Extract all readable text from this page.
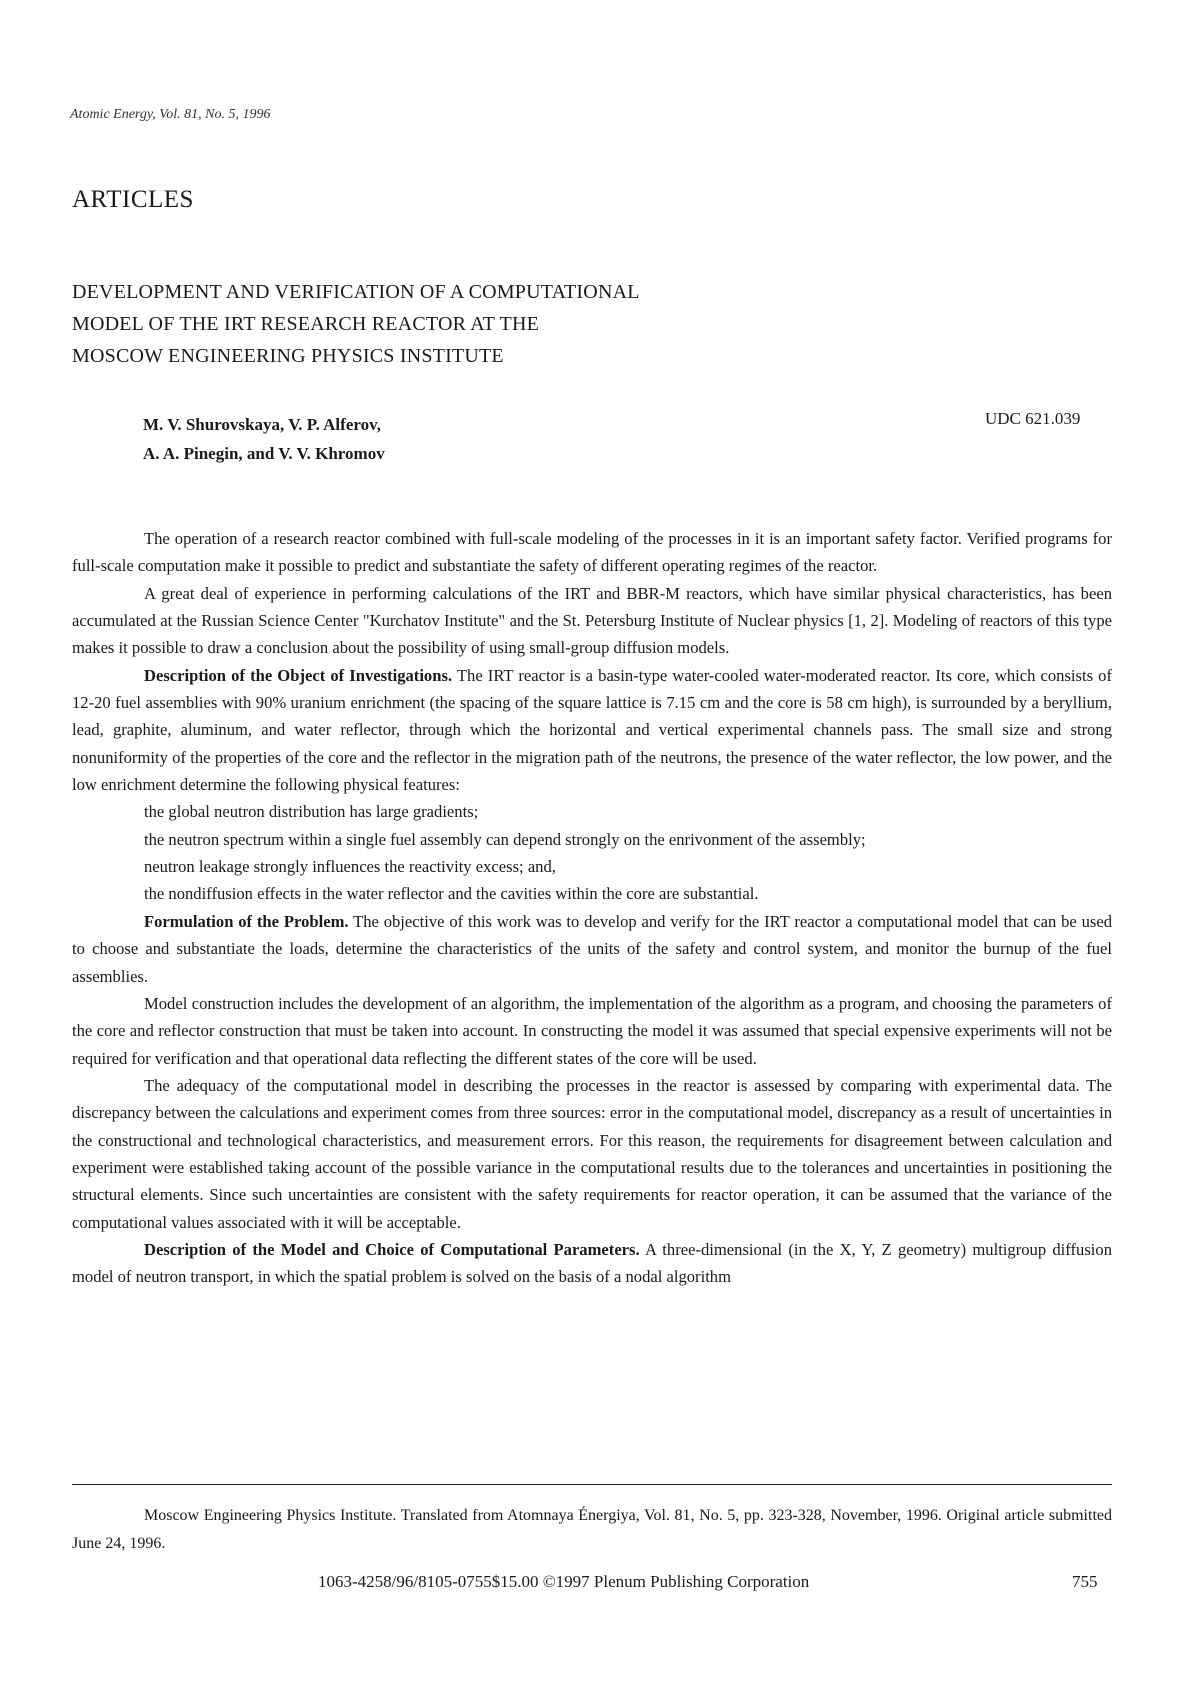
Atomic Energy, Vol. 81, No. 5, 1996
ARTICLES
DEVELOPMENT AND VERIFICATION OF A COMPUTATIONAL
MODEL OF THE IRT RESEARCH REACTOR AT THE
MOSCOW ENGINEERING PHYSICS INSTITUTE
M. V. Shurovskaya, V. P. Alferov,
A. A. Pinegin, and V. V. Khromov
UDC 621.039

The operation of a research reactor combined with full-scale modeling of the processes in it is an important safety factor. Verified programs for full-scale computation make it possible to predict and substantiate the safety of different operating regimes of the reactor.

A great deal of experience in performing calculations of the IRT and BBR-M reactors, which have similar physical characteristics, has been accumulated at the Russian Science Center "Kurchatov Institute" and the St. Petersburg Institute of Nuclear physics [1, 2]. Modeling of reactors of this type makes it possible to draw a conclusion about the possibility of using small-group diffusion models.

Description of the Object of Investigations. The IRT reactor is a basin-type water-cooled water-moderated reactor. Its core, which consists of 12-20 fuel assemblies with 90% uranium enrichment (the spacing of the square lattice is 7.15 cm and the core is 58 cm high), is surrounded by a beryllium, lead, graphite, aluminum, and water reflector, through which the horizontal and vertical experimental channels pass. The small size and strong nonuniformity of the properties of the core and the reflector in the migration path of the neutrons, the presence of the water reflector, the low power, and the low enrichment determine the following physical features:

the global neutron distribution has large gradients;

the neutron spectrum within a single fuel assembly can depend strongly on the enrivonment of the assembly;

neutron leakage strongly influences the reactivity excess; and,

the nondiffusion effects in the water reflector and the cavities within the core are substantial.

Formulation of the Problem. The objective of this work was to develop and verify for the IRT reactor a computational model that can be used to choose and substantiate the loads, determine the characteristics of the units of the safety and control system, and monitor the burnup of the fuel assemblies.

Model construction includes the development of an algorithm, the implementation of the algorithm as a program, and choosing the parameters of the core and reflector construction that must be taken into account. In constructing the model it was assumed that special expensive experiments will not be required for verification and that operational data reflecting the different states of the core will be used.

The adequacy of the computational model in describing the processes in the reactor is assessed by comparing with experimental data. The discrepancy between the calculations and experiment comes from three sources: error in the computational model, discrepancy as a result of uncertainties in the constructional and technological characteristics, and measurement errors. For this reason, the requirements for disagreement between calculation and experiment were established taking account of the possible variance in the computational results due to the tolerances and uncertainties in positioning the structural elements. Since such uncertainties are consistent with the safety requirements for reactor operation, it can be assumed that the variance of the computational values associated with it will be acceptable.

Description of the Model and Choice of Computational Parameters. A three-dimensional (in the X, Y, Z geometry) multigroup diffusion model of neutron transport, in which the spatial problem is solved on the basis of a nodal algorithm

Moscow Engineering Physics Institute. Translated from Atomnaya Énergiya, Vol. 81, No. 5, pp. 323-328, November, 1996. Original article submitted June 24, 1996.

1063-4258/96/8105-0755$15.00 ©1997 Plenum Publishing Corporation	755
